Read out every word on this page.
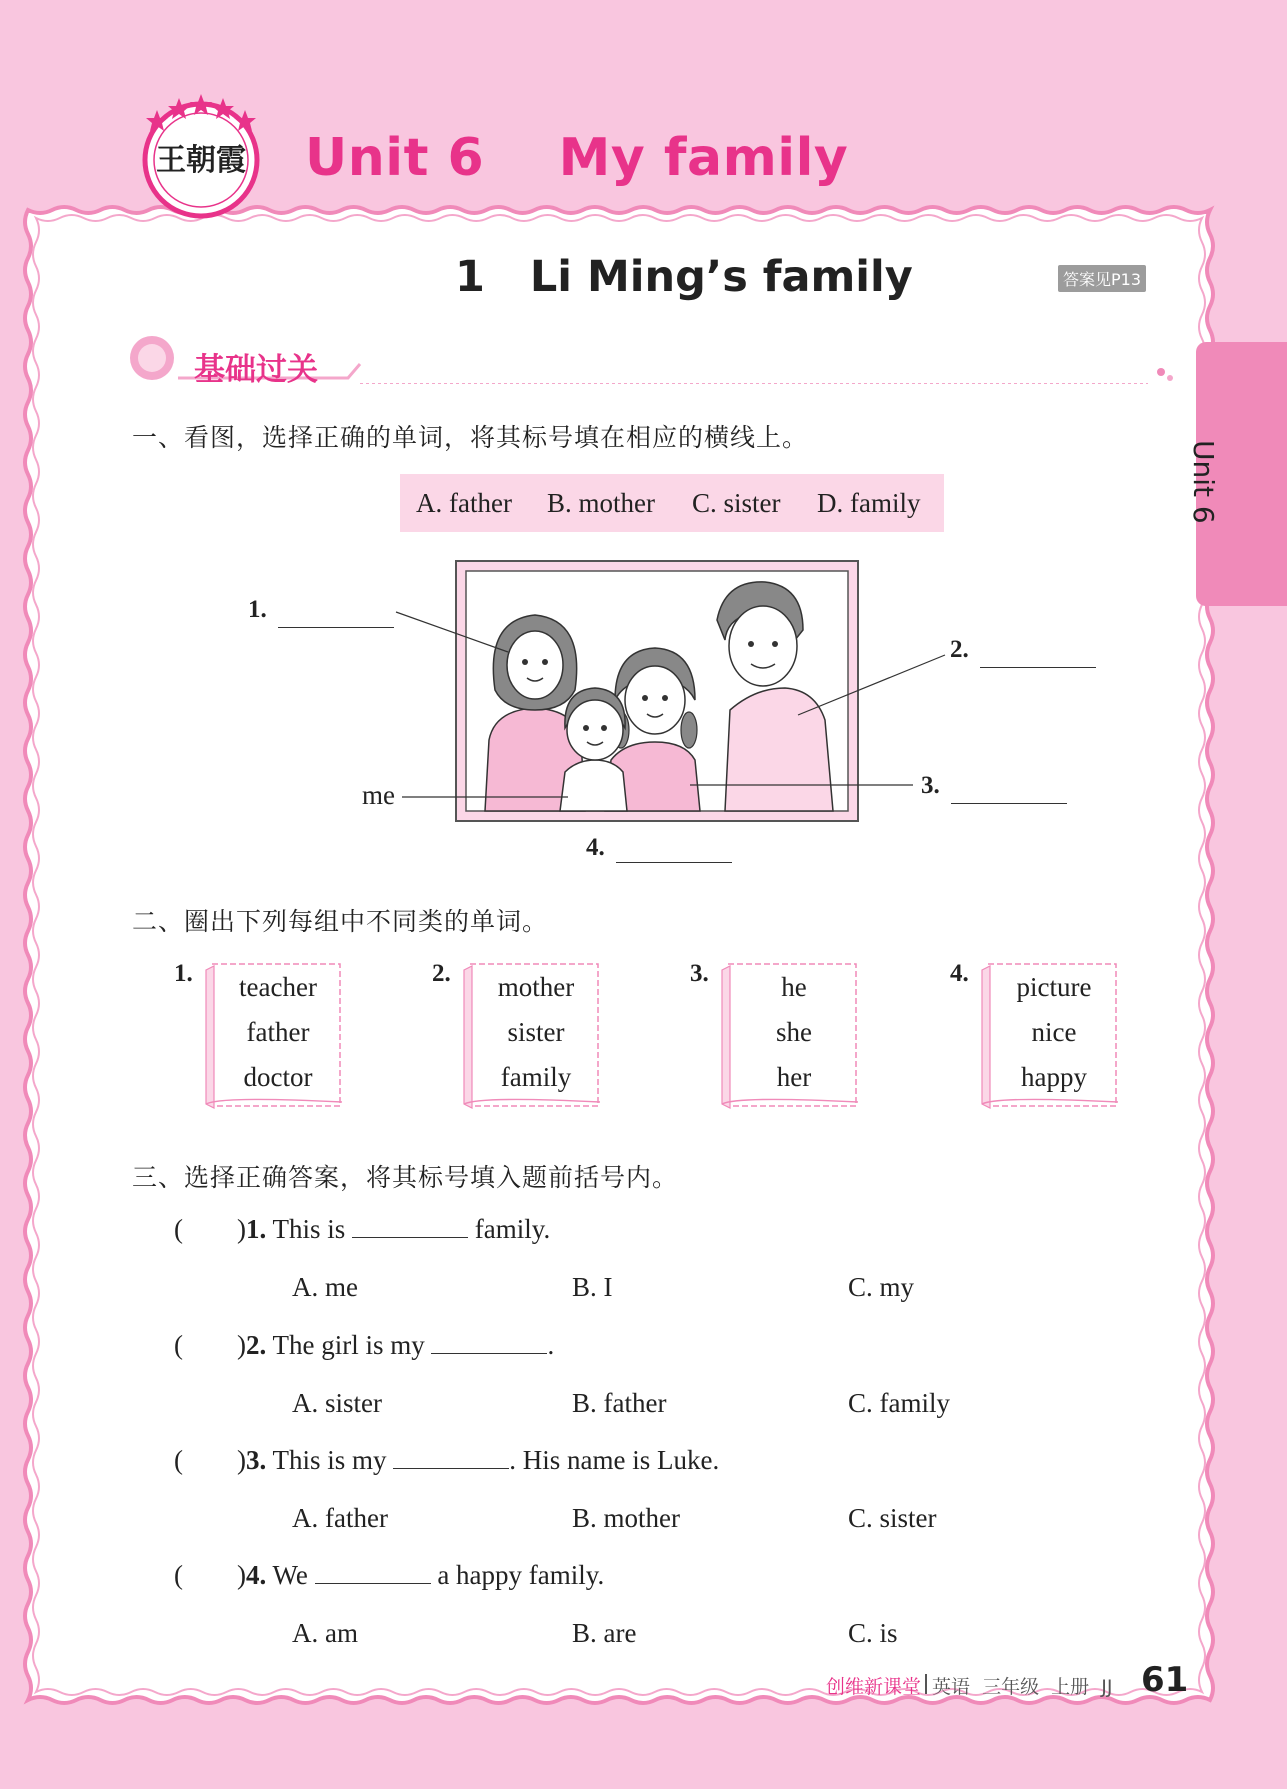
王朝霞 Unit 6    My family
1   Li Ming’s family	答案见P13
基础过关
Unit 6
一、看图，选择正确的单词，将其标号填在相应的横线上。
A. father B. mother C. sister D. family
1.
2.
3.
4.
me
二、圈出下列每组中不同类的单词。
1.	teacher
father
doctor
2.	mother
sister
family
3.	he
she
her
4.	picture
nice
happy
三、选择正确答案，将其标号填入题前括号内。
(  )1. This is	family.
A. me	B. I	C. my
(  )2. The girl is my	.
A. sister	B. father	C. family
(  )3. This is my	. His name is Luke.
A. father	B. mother	C. sister
(  )4. We	a happy family.
A. am	B. are	C. is
创维新课堂 英语  三年级  上册  JJ 61
